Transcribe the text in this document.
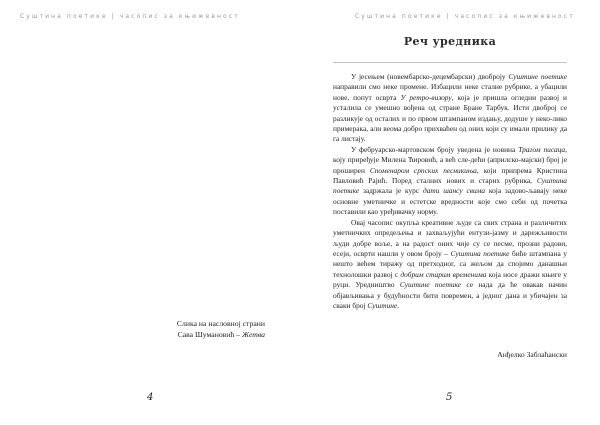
Суштина поетике | часопис за књижевност
Слика на насловној страни
Сава Шумановић – Жетва
4
Суштина поетике | часопис за књижевност
Реч уредника

У јесењем (новембарско-децембарски) двоброју Суштине поетике направили смо неке промене. Избацили неке сталне рубрике, а убацили нове, попут осврта У ретро-визору, која је пришла огледни развој и усталила се умешно вођена од стране Бране Тарбук. Исти двоброј се разликује од осталих и по првом штампаном издању, додуше у неко-лико примерака, али веома добро прихваћен од оних који су имали прилику да га листају.

У фебруарско-мартовском броју уведена је новина Трагом писаца, коју приређује Милена Ћировић, а већ сле-дећи (априлско-мајски) број је проширен Споменаром српских песникиња, који припрема Кристина Павловић Рајић. Поред сталних нових и старих рубрика, Суштина поетике задржала је курс дати шансу свима која задово-љавају неке основне уметничке и естетске вредности које смо себи од почетка поставили као уређивачку норму.

Овај часопис окупља креативне људе са свих страна и различитих уметничких опредељења и захваљујући ентузи-јазму и дарежљивости људи добре воље, а на радост оних чије су се песме, прозни радови, есеји, осврти нашли у овом броју – Суштина поетике биће штампана у нешто већем тиражу од претходног, са жељом да спојимо данашњи технолошки развој с добрим старим временима која носе дражи књиге у руци. Уредништво Суштине поетике се нада да ће овакав начин објављивања у будућности бити повремен, а једног дана и убичајен за сваки број Суштине.

Анђелко Заблаћански
5
